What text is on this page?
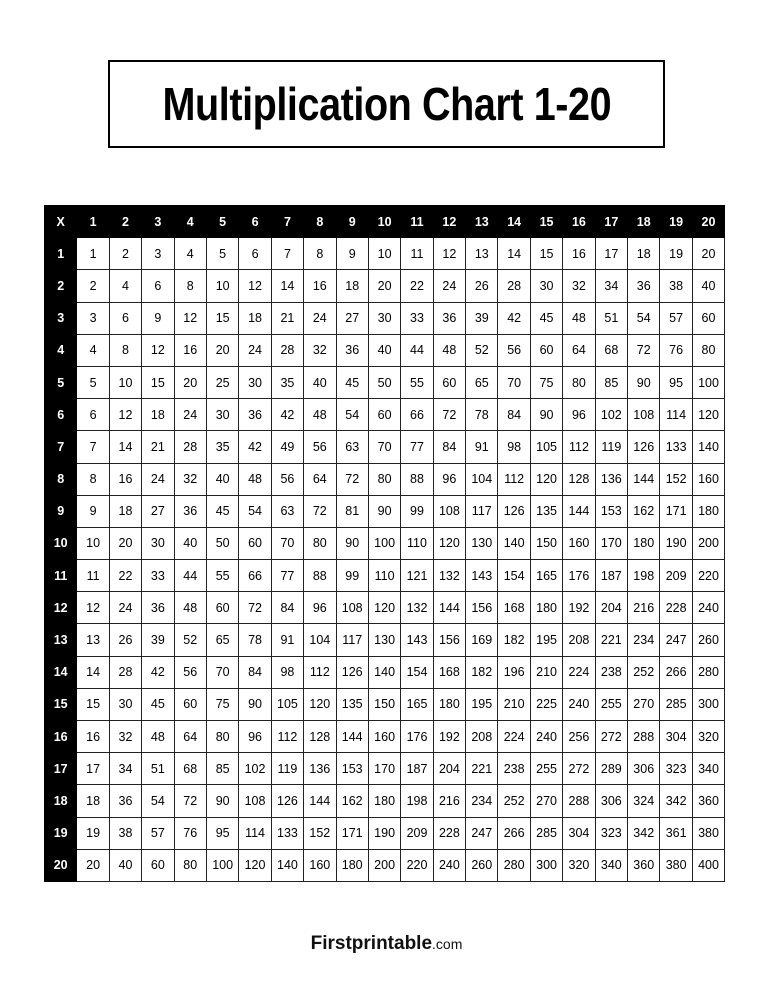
Multiplication Chart 1-20
X	1	2	3	4	5	6	7	8	9	10	11	12	13	14	15	16	17	18	19	20
1	1	2	3	4	5	6	7	8	9	10	11	12	13	14	15	16	17	18	19	20
2	2	4	6	8	10	12	14	16	18	20	22	24	26	28	30	32	34	36	38	40
3	3	6	9	12	15	18	21	24	27	30	33	36	39	42	45	48	51	54	57	60
4	4	8	12	16	20	24	28	32	36	40	44	48	52	56	60	64	68	72	76	80
5	5	10	15	20	25	30	35	40	45	50	55	60	65	70	75	80	85	90	95	100
6	6	12	18	24	30	36	42	48	54	60	66	72	78	84	90	96	102	108	114	120
7	7	14	21	28	35	42	49	56	63	70	77	84	91	98	105	112	119	126	133	140
8	8	16	24	32	40	48	56	64	72	80	88	96	104	112	120	128	136	144	152	160
9	9	18	27	36	45	54	63	72	81	90	99	108	117	126	135	144	153	162	171	180
10	10	20	30	40	50	60	70	80	90	100	110	120	130	140	150	160	170	180	190	200
11	11	22	33	44	55	66	77	88	99	110	121	132	143	154	165	176	187	198	209	220
12	12	24	36	48	60	72	84	96	108	120	132	144	156	168	180	192	204	216	228	240
13	13	26	39	52	65	78	91	104	117	130	143	156	169	182	195	208	221	234	247	260
14	14	28	42	56	70	84	98	112	126	140	154	168	182	196	210	224	238	252	266	280
15	15	30	45	60	75	90	105	120	135	150	165	180	195	210	225	240	255	270	285	300
16	16	32	48	64	80	96	112	128	144	160	176	192	208	224	240	256	272	288	304	320
17	17	34	51	68	85	102	119	136	153	170	187	204	221	238	255	272	289	306	323	340
18	18	36	54	72	90	108	126	144	162	180	198	216	234	252	270	288	306	324	342	360
19	19	38	57	76	95	114	133	152	171	190	209	228	247	266	285	304	323	342	361	380
20	20	40	60	80	100	120	140	160	180	200	220	240	260	280	300	320	340	360	380	400
Firstprintable.com
